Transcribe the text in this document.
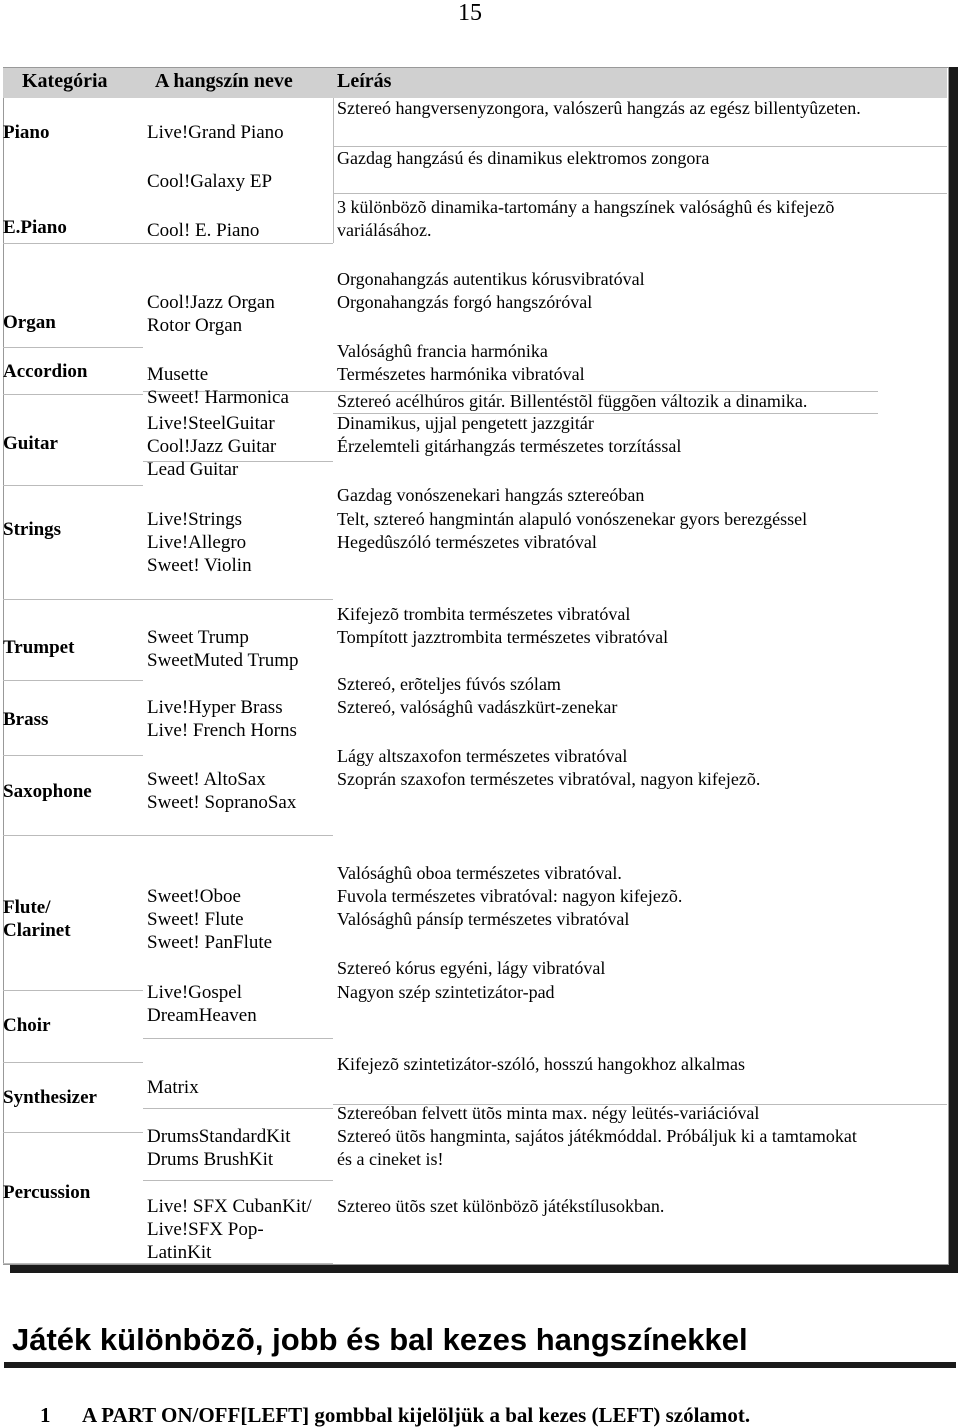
15
Kategória A hangszín neve Leírás
Piano
E.Piano
Organ
Accordion
Guitar
Strings
Trumpet
Brass
Saxophone
Flute/
Clarinet
Choir
Synthesizer
Percussion
Live!Grand Piano
Cool!Galaxy EP
Cool! E. Piano
Cool!Jazz Organ
Rotor Organ
Musette
Sweet! Harmonica
Live!SteelGuitar
Cool!Jazz Guitar
Lead Guitar
Live!Strings
Live!Allegro
Sweet! Violin
Sweet Trump
SweetMuted Trump
Live!Hyper Brass
Live! French Horns
Sweet! AltoSax
Sweet! SopranoSax
Sweet!Oboe
Sweet! Flute
Sweet! PanFlute
Live!Gospel
DreamHeaven
Matrix
DrumsStandardKit
Drums BrushKit
Live! SFX CubanKit/
Live!SFX Pop-
LatinKit
Sztereó hangversenyzongora, valószerû hangzás az egész billentyûzeten.
Gazdag hangzású és dinamikus elektromos zongora
3 különbözõ dinamika-tartomány a hangszínek valósághû és kifejezõ
variálásához.
Orgonahangzás autentikus kórusvibratóval
Orgonahangzás forgó hangszóróval
Valósághû francia harmónika
Természetes harmónika vibratóval
Sztereó acélhúros gitár. Billentéstõl függõen változik a dinamika.
Dinamikus, ujjal pengetett jazzgitár
Érzelemteli gitárhangzás természetes torzítással
Gazdag vonószenekari hangzás sztereóban
Telt, sztereó hangmintán alapuló vonószenekar gyors berezgéssel
Hegedûszóló természetes vibratóval
Kifejezõ trombita természetes vibratóval
Tompított jazztrombita természetes vibratóval
Sztereó, erõteljes fúvós szólam
Sztereó, valósághû vadászkürt-zenekar
Lágy altszaxofon természetes vibratóval
Szoprán szaxofon természetes vibratóval, nagyon kifejezõ.
Valósághû oboa természetes vibratóval.
Fuvola természetes vibratóval: nagyon kifejezõ.
Valósághû pánsíp természetes vibratóval
Sztereó kórus egyéni, lágy vibratóval
Nagyon szép szintetizátor-pad
Kifejezõ szintetizátor-szóló, hosszú hangokhoz alkalmas
Sztereóban felvett ütõs minta max. négy leütés-variációval
Sztereó ütõs hangminta, sajátos játékmóddal. Próbáljuk ki a tamtamokat
és a cineket is!
Sztereo ütõs szet különbözõ játékstílusokban.
Játék különbözõ, jobb és bal kezes hangszínekkel
1 A PART ON/OFF[LEFT] gombbal kijelöljük a bal kezes (LEFT) szólamot.
